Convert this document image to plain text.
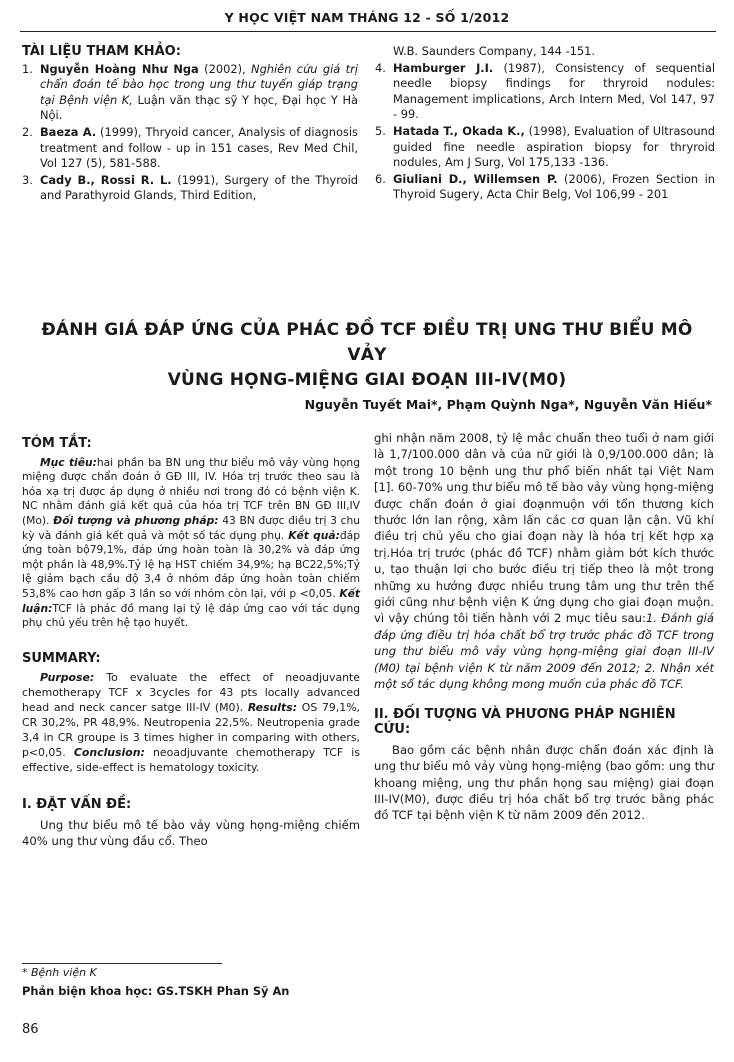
Y HỌC VIỆT NAM THÁNG 12 - SỐ 1/2012
TÀI LIỆU THAM KHẢO:
1. Nguyễn Hoàng Như Nga (2002), Nghiên cứu giá trị chẩn đoán tế bào học trong ung thư tuyến giáp trạng tại Bệnh viện K, Luận văn thạc sỹ Y học, Đại học Y Hà Nội.
2. Baeza A. (1999), Thryoid cancer, Analysis of diagnosis treatment and follow - up in 151 cases, Rev Med Chil, Vol 127 (5), 581-588.
3. Cady B., Rossi R. L. (1991), Surgery of the Thyroid and Parathyroid Glands, Third Edition,
W.B. Saunders Company, 144 -151.
4. Hamburger J.I. (1987), Consistency of sequential needle biopsy findings for thryroid nodules: Management implications, Arch Intern Med, Vol 147, 97 - 99.
5. Hatada T., Okada K., (1998), Evaluation of Ultrasound guided fine needle aspiration biopsy for thryroid nodules, Am J Surg, Vol 175,133 -136.
6. Giuliani D., Willemsen P. (2006), Frozen Section in Thyroid Sugery, Acta Chir Belg, Vol 106,99 - 201
ĐÁNH GIÁ ĐÁP ỨNG CỦA PHÁC ĐỒ TCF ĐIỀU TRỊ UNG THƯ BIỂU MÔ VẢY
VÙNG HỌNG-MIỆNG GIAI ĐOẠN III-IV(M0)
Nguyễn Tuyết Mai*, Phạm Quỳnh Nga*, Nguyễn Văn Hiếu*
TÓM TẮT:

Mục tiêu:hai phần ba BN ung thư biểu mô vảy vùng họng miệng được chẩn đoán ở GĐ III, IV. Hóa trị trước theo sau là hóa xạ trị được áp dụng ở nhiều nơi trong đó có bệnh viện K. NC nhằm đánh giá kết quả của hóa trị TCF trên BN GĐ III,IV (Mo). Đối tượng và phương pháp: 43 BN được điều trị 3 chu kỳ và đánh giá kết quả và một số tác dụng phụ. Kết quả:đáp ứng toàn bộ79,1%, đáp ứng hoàn toàn là 30,2% và đáp ứng một phần là 48,9%.Tỷ lệ hạ HST chiếm 34,9%; hạ BC22,5%;Tỷ lệ giảm bạch cầu độ 3,4 ở nhóm đáp ứng hoàn toàn chiếm 53,8% cao hơn gấp 3 lần so với nhóm còn lại, với p <0,05. Kết luận:TCF là phác đồ mang lại tỷ lệ đáp ứng cao với tác dụng phụ chủ yếu trên hệ tạo huyết.

SUMMARY:

Purpose: To evaluate the effect of neoadjuvante chemotherapy TCF x 3cycles for 43 pts locally advanced head and neck cancer satge III-IV (M0). Results: OS 79,1%, CR 30,2%, PR 48,9%. Neutropenia 22,5%. Neutropenia grade 3,4 in CR groupe is 3 times higher in comparing with others, p<0,05. Conclusion: neoadjuvante chemotherapy TCF is effective, side-effect is hematology toxicity.

I. ĐẶT VẤN ĐỀ:

Ung thư biểu mô tế bào vảy vùng họng-miệng chiếm 40% ung thư vùng đầu cổ. Theo

ghi nhận năm 2008, tỷ lệ mắc chuẩn theo tuổi ở nam giới là 1,7/100.000 dân và của nữ giới là 0,9/100.000 dân; là một trong 10 bệnh ung thư phổ biến nhất tại Việt Nam [1]. 60-70% ung thư biểu mô tế bào vảy vùng họng-miệng được chẩn đoán ở giai đoạnmuộn với tổn thương kích thước lớn lan rộng, xâm lấn các cơ quan lận cận. Vũ khí điều trị chủ yếu cho giai đoạn này là hóa trị kết hợp xạ trị.Hóa trị trước (phác đồ TCF) nhằm giảm bớt kích thước u, tạo thuận lợi cho bước điều trị tiếp theo là một trong những xu hướng được nhiều trung tâm ung thư trên thế giới cũng như bệnh viện K ứng dụng cho giai đoạn muộn. vì vậy chúng tôi tiến hành với 2 mục tiêu sau:1. Đánh giá đáp ứng điều trị hóa chất bổ trợ trước phác đồ TCF trong ung thư biểu mô vảy vùng họng-miệng giai đoạn III-IV (M0) tại bệnh viện K từ năm 2009 đến 2012; 2. Nhận xét một số tác dụng không mong muốn của phác đồ TCF.

II. ĐỐI TƯỢNG VÀ PHƯƠNG PHÁP NGHIÊN CỨU:

Bao gồm các bệnh nhân được chẩn đoán xác định là ung thư biểu mô vảy vùng họng-miệng (bao gồm: ung thư khoang miệng, ung thư phần họng sau miệng) giai đoạn III-IV(M0), được điều trị hóa chất bổ trợ trước bằng phác đồ TCF tại bệnh viện K từ năm 2009 đến 2012.

* Bệnh viện K
Phản biện khoa học: GS.TSKH Phan Sỹ An
86
